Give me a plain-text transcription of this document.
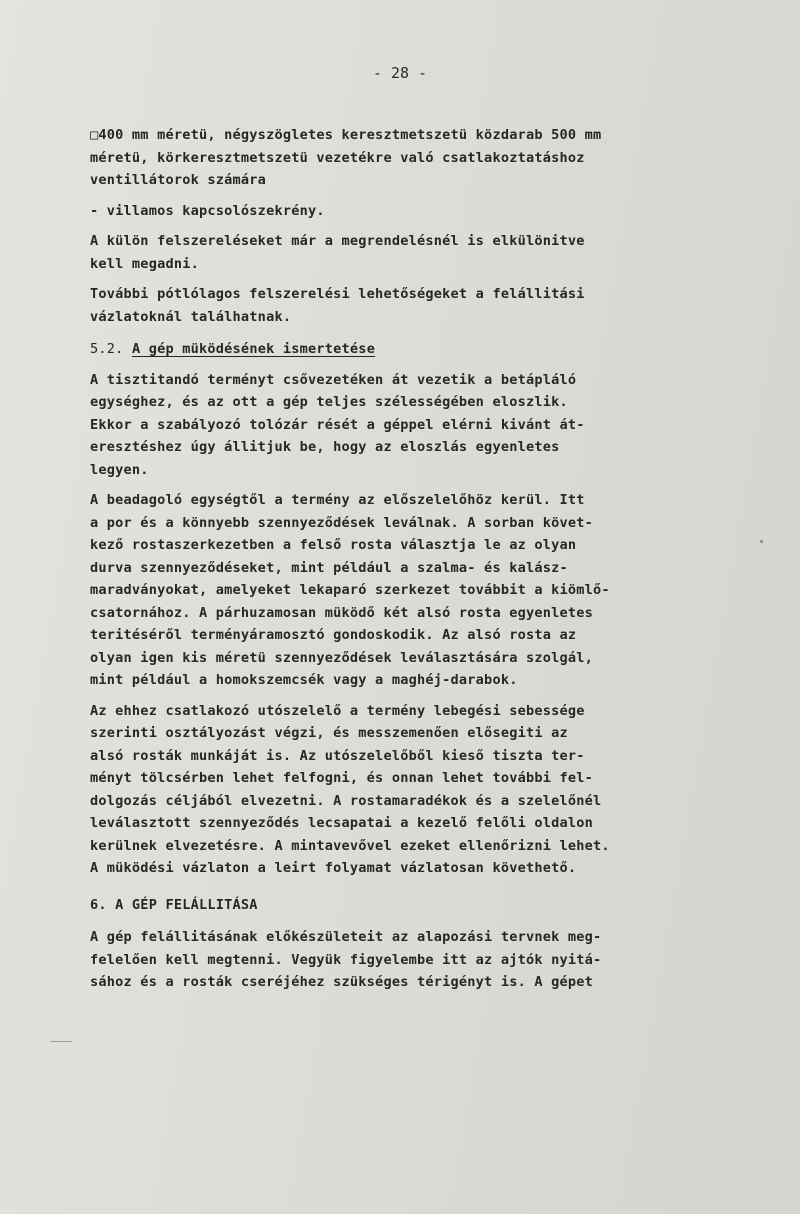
- 28 -
□400 mm méretü, négyszögletes keresztmetszetü közdarab 500 mm
méretü, körkeresztmetszetü vezetékre való csatlakoztatáshoz
ventillátorok számára
- villamos kapcsolószekrény.
A külön felszereléseket már a megrendelésnél is elkülönitve
kell megadni.
További pótlólagos felszerelési lehetőségeket a felállitási
vázlatoknál találhatnak.
5.2. A gép müködésének ismertetése
A tisztitandó terményt csővezetéken át vezetik a betápláló
egységhez, és az ott a gép teljes szélességében eloszlik.
Ekkor a szabályozó tolózár rését a géppel elérni kivánt át-
eresztéshez úgy állitjuk be, hogy az eloszlás egyenletes
legyen.
A beadagoló egységtől a termény az előszelelőhöz kerül. Itt
a por és a könnyebb szennyeződések leválnak. A sorban követ-
kező rostaszerkezetben a felső rosta választja le az olyan
durva szennyeződéseket, mint például a szalma- és kalász-
maradványokat, amelyeket lekaparó szerkezet továbbit a kiömlő-
csatornához. A párhuzamosan müködő két alsó rosta egyenletes
teritéséről terményáramosztó gondoskodik. Az alsó rosta az
olyan igen kis méretü szennyeződések leválasztására szolgál,
mint például a homokszemcsék vagy a maghéj-darabok.
Az ehhez csatlakozó utószelelő a termény lebegési sebessége
szerinti osztályozást végzi, és messzemenően elősegiti az
alsó rosták munkáját is. Az utószelelőből kieső tiszta ter-
ményt tölcsérben lehet felfogni, és onnan lehet további fel-
dolgozás céljából elvezetni. A rostamaradékok és a szelelőnél
leválasztott szennyeződés lecsapatai a kezelő felőli oldalon
kerülnek elvezetésre. A mintavevővel ezeket ellenőrizni lehet.
A müködési vázlaton a leirt folyamat vázlatosan követhető.
6. A GÉP FELÁLLITÁSA
A gép felállitásának előkészületeit az alapozási tervnek meg-
felelően kell megtenni. Vegyük figyelembe itt az ajtók nyitá-
sához és a rosták cseréjéhez szükséges térigényt is. A gépet
